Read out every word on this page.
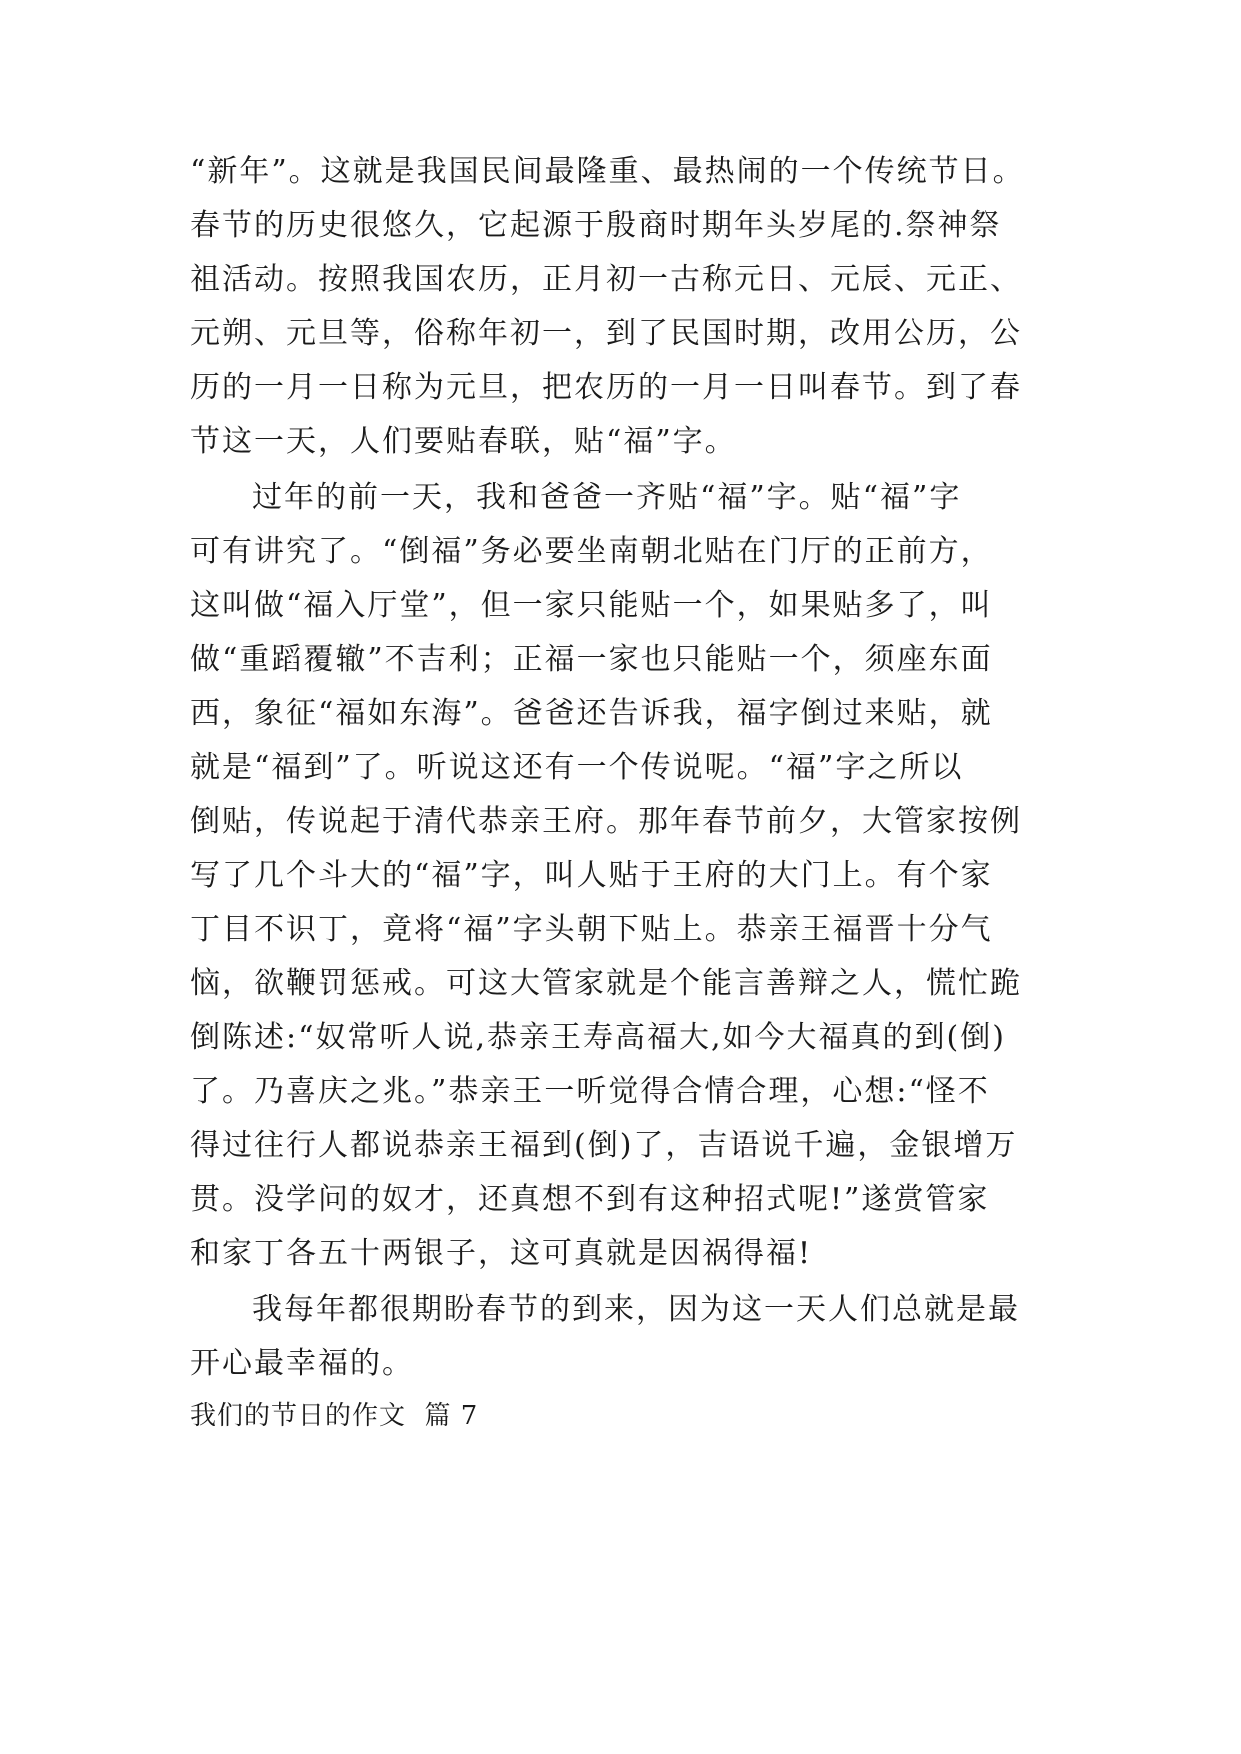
“新年”。这就是我国民间最隆重、最热闹的一个传统节日。
春节的历史很悠久，它起源于殷商时期年头岁尾的.祭神祭
祖活动。按照我国农历，正月初一古称元日、元辰、元正、
元朔、元旦等，俗称年初一，到了民国时期，改用公历，公
历的一月一日称为元旦，把农历的一月一日叫春节。到了春
节这一天，人们要贴春联，贴“福”字。
过年的前一天，我和爸爸一齐贴“福”字。贴“福”字
可有讲究了。“倒福”务必要坐南朝北贴在门厅的正前方，
这叫做“福入厅堂”，但一家只能贴一个，如果贴多了，叫
做“重蹈覆辙”不吉利；正福一家也只能贴一个，须座东面
西，象征“福如东海”。爸爸还告诉我，福字倒过来贴，就
就是“福到”了。听说这还有一个传说呢。“福”字之所以
倒贴，传说起于清代恭亲王府。那年春节前夕，大管家按例
写了几个斗大的“福”字，叫人贴于王府的大门上。有个家
丁目不识丁，竟将“福”字头朝下贴上。恭亲王福晋十分气
恼，欲鞭罚惩戒。可这大管家就是个能言善辩之人，慌忙跪
倒陈述:“奴常听人说,恭亲王寿高福大,如今大福真的到(倒)
了。乃喜庆之兆。”恭亲王一听觉得合情合理，心想:“怪不
得过往行人都说恭亲王福到(倒)了，吉语说千遍，金银增万
贯。没学问的奴才，还真想不到有这种招式呢!”遂赏管家
和家丁各五十两银子，这可真就是因祸得福!
我每年都很期盼春节的到来，因为这一天人们总就是最
开心最幸福的。
我们的节日的作文  篇 7
